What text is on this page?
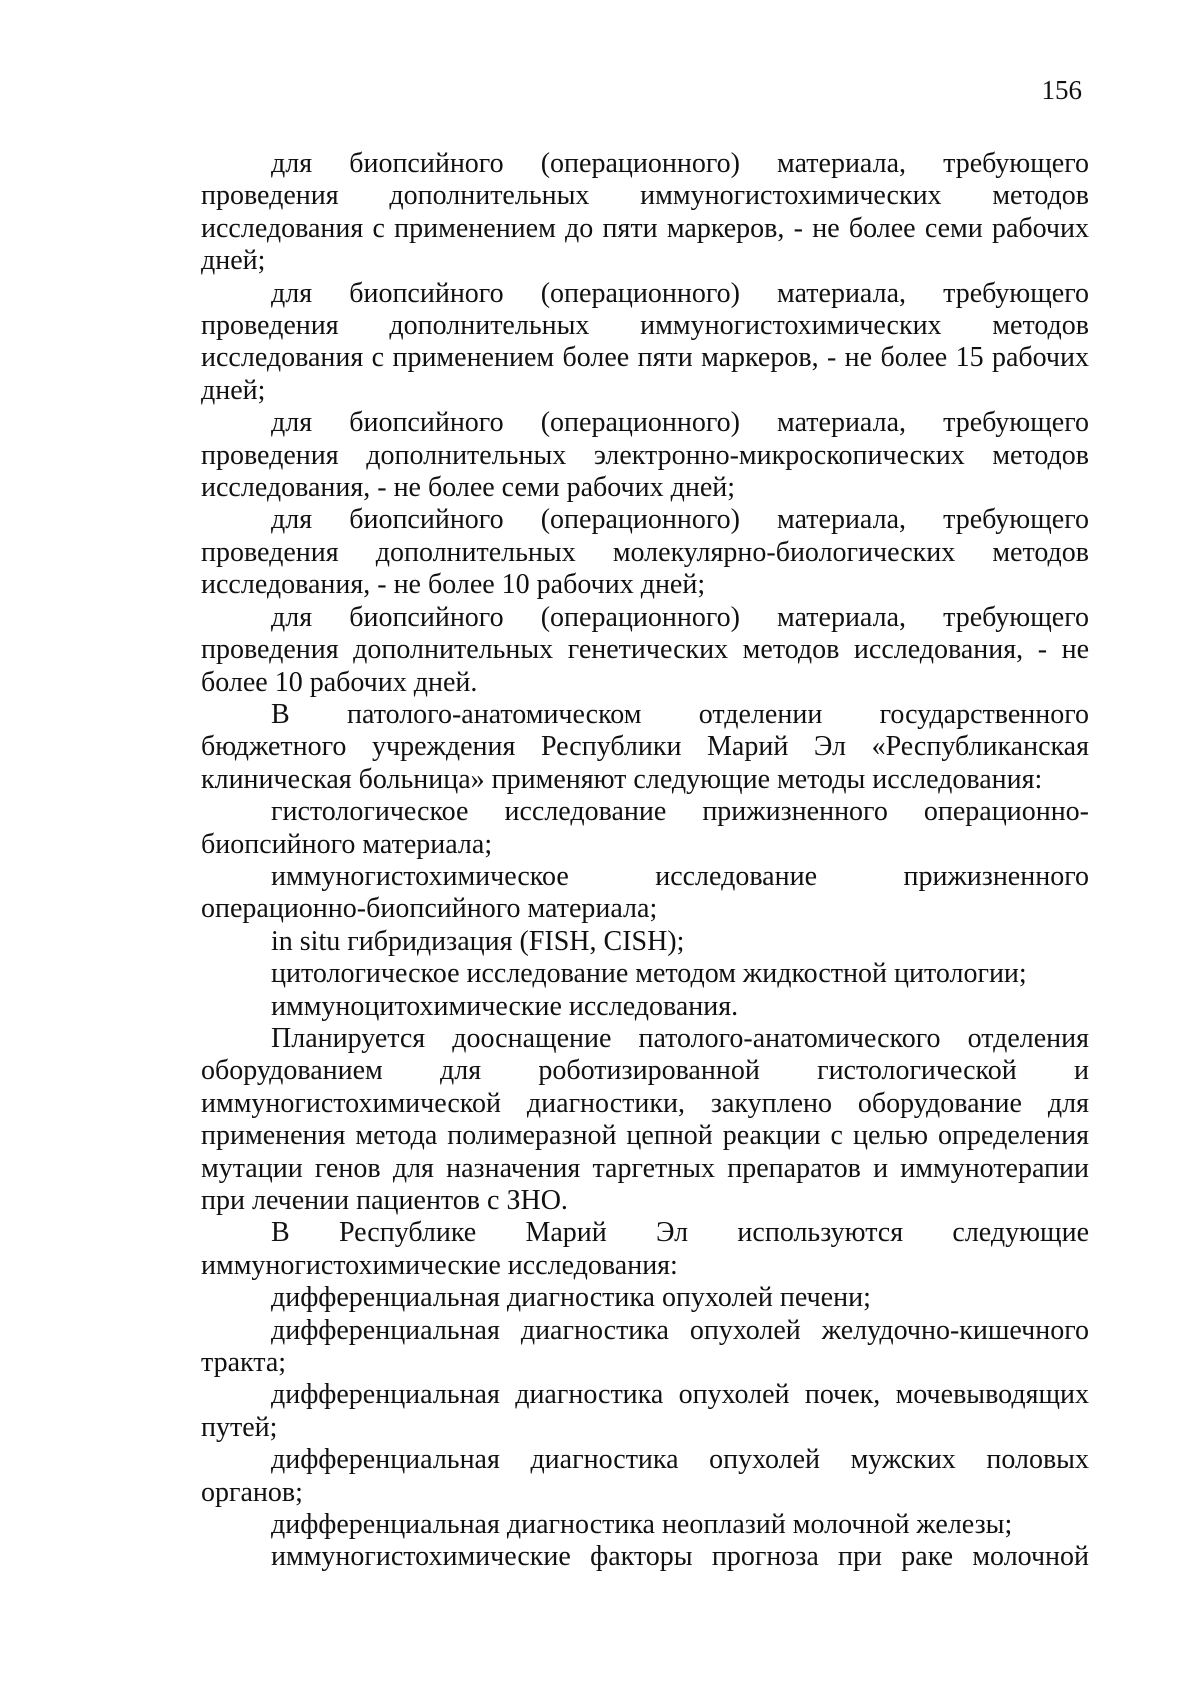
156

для биопсийного (операционного) материала, требующего проведения дополнительных иммуногистохимических методов исследования с применением до пяти маркеров, - не более семи рабочих дней;

для биопсийного (операционного) материала, требующего проведения дополнительных иммуногистохимических методов исследования с применением более пяти маркеров, - не более 15 рабочих дней;

для биопсийного (операционного) материала, требующего проведения дополнительных электронно-микроскопических методов исследования, - не более семи рабочих дней;

для биопсийного (операционного) материала, требующего проведения дополнительных молекулярно-биологических методов исследования, - не более 10 рабочих дней;

для биопсийного (операционного) материала, требующего проведения дополнительных генетических методов исследования, - не более 10 рабочих дней.

В патолого-анатомическом отделении государственного бюджетного учреждения Республики Марий Эл «Республиканская клиническая больница» применяют следующие методы исследования:

гистологическое исследование прижизненного операционно-биопсийного материала;

иммуногистохимическое исследование прижизненного операционно-биопсийного материала;

in situ гибридизация (FISH, CISH);

цитологическое исследование методом жидкостной цитологии;

иммуноцитохимические исследования.

Планируется дооснащение патолого-анатомического отделения оборудованием для роботизированной гистологической и иммуногистохимической диагностики, закуплено оборудование для применения метода полимеразной цепной реакции с целью определения мутации генов для назначения таргетных препаратов и иммунотерапии при лечении пациентов с ЗНО.

В Республике Марий Эл используются следующие иммуногистохимические исследования:

дифференциальная диагностика опухолей печени;

дифференциальная диагностика опухолей желудочно-кишечного тракта;

дифференциальная диагностика опухолей почек, мочевыводящих путей;

дифференциальная диагностика опухолей мужских половых органов;

дифференциальная диагностика неоплазий молочной железы;

иммуногистохимические факторы прогноза при раке молочной
